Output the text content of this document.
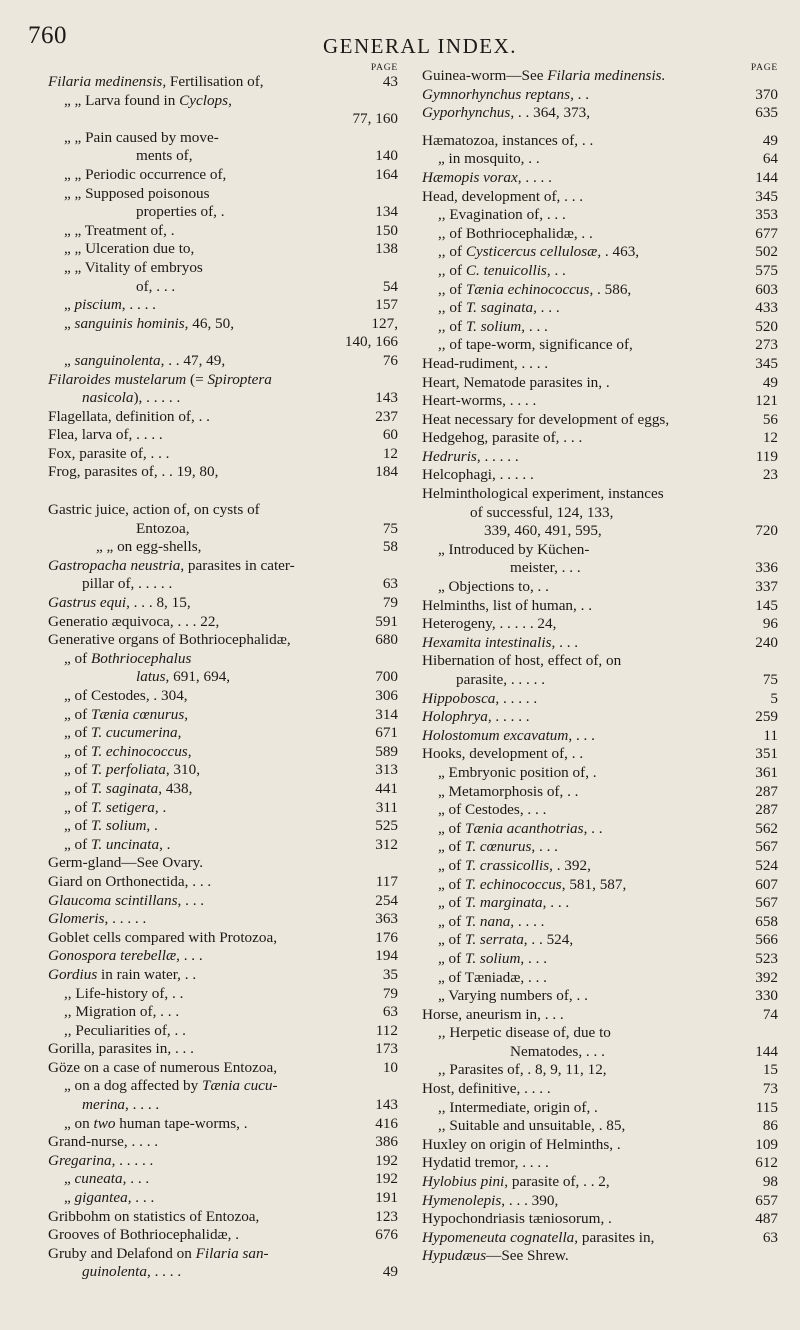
760	GENERAL INDEX.
PAGE
Filaria medinensis, Fertilisation of,	43
„ „ Larva found in Cyclops,
77, 160
„ „ Pain caused by move-
ments of,	140
„ „ Periodic occurrence of,	164
„ „ Supposed poisonous
properties of, .	134
„ „ Treatment of, .	150
„ „ Ulceration due to,	138
„ „ Vitality of embryos
of, . . .	54
„ piscium, . . . .	157
„ sanguinis hominis, 46, 50,	127,
140, 166
„ sanguinolenta, . . 47, 49,	76
Filaroides mustelarum (= Spiroptera
nasicola), . . . . .	143
Flagellata, definition of, . .	237
Flea, larva of, . . . .	60
Fox, parasite of, . . .	12
Frog, parasites of, . . 19, 80,	184
Gastric juice, action of, on cysts of
Entozoa,	75
„ „ on egg-shells,	58
Gastropacha neustria, parasites in cater-
pillar of, . . . . .	63
Gastrus equi, . . . 8, 15,	79
Generatio æquivoca, . . . 22,	591
Generative organs of Bothriocephalidæ,	680
„ of Bothriocephalus
latus, 691, 694,	700
„ of Cestodes, . 304,	306
„ of Tænia cœnurus,	314
„ of T. cucumerina,	671
„ of T. echinococcus,	589
„ of T. perfoliata, 310,	313
„ of T. saginata, 438,	441
„ of T. setigera, .	311
„ of T. solium, .	525
„ of T. uncinata, .	312
Germ-gland—See Ovary.
Giard on Orthonectida, . . .	117
Glaucoma scintillans, . . .	254
Glomeris, . . . . .	363
Goblet cells compared with Protozoa,	176
Gonospora terebellæ, . . .	194
Gordius in rain water, . .	35
,, Life-history of, . .	79
,, Migration of, . . .	63
,, Peculiarities of, . .	112
Gorilla, parasites in, . . .	173
Göze on a case of numerous Entozoa,	10
„ on a dog affected by Tænia cucu-
merina, . . . .	143
„ on two human tape-worms, .	416
Grand-nurse, . . . .	386
Gregarina, . . . . .	192
„ cuneata, . . .	192
„ gigantea, . . .	191
Gribbohm on statistics of Entozoa,	123
Grooves of Bothriocephalidæ, .	676
Gruby and Delafond on Filaria san-
guinolenta, . . . .	49
PAGE
Guinea-worm—See Filaria medinensis.
Gymnorhynchus reptans, . .	370
Gyporhynchus, . . 364, 373,	635
Hæmatozoa, instances of, . .	49
„ in mosquito, . .	64
Hæmopis vorax, . . . .	144
Head, development of, . . .	345
,, Evagination of, . . .	353
,, of Bothriocephalidæ, . .	677
,, of Cysticercus cellulosæ, . 463,	502
,, of C. tenuicollis, . .	575
,, of Tænia echinococcus, . 586,	603
,, of T. saginata, . . .	433
,, of T. solium, . . .	520
,, of tape-worm, significance of,	273
Head-rudiment, . . . .	345
Heart, Nematode parasites in, .	49
Heart-worms, . . . .	121
Heat necessary for development of eggs,	56
Hedgehog, parasite of, . . .	12
Hedruris, . . . . .	119
Helcophagi, . . . . .	23
Helminthological experiment, instances
of successful, 124, 133,
339, 460, 491, 595,	720
„ Introduced by Küchen-
meister, . . .	336
„ Objections to, . .	337
Helminths, list of human, . .	145
Heterogeny, . . . . . 24,	96
Hexamita intestinalis, . . .	240
Hibernation of host, effect of, on
parasite, . . . . .	75
Hippobosca, . . . . .	5
Holophrya, . . . . .	259
Holostomum excavatum, . . .	11
Hooks, development of, . .	351
„ Embryonic position of, .	361
„ Metamorphosis of, . .	287
„ of Cestodes, . . .	287
„ of Tænia acanthotrias, . .	562
„ of T. cœnurus, . . .	567
„ of T. crassicollis, . 392,	524
„ of T. echinococcus, 581, 587,	607
„ of T. marginata, . . .	567
„ of T. nana, . . . .	658
„ of T. serrata, . . 524,	566
„ of T. solium, . . .	523
„ of Tæniadæ, . . .	392
„ Varying numbers of, . .	330
Horse, aneurism in, . . .	74
,, Herpetic disease of, due to
Nematodes, . . .	144
,, Parasites of, . 8, 9, 11, 12,	15
Host, definitive, . . . .	73
,, Intermediate, origin of, .	115
,, Suitable and unsuitable, . 85,	86
Huxley on origin of Helminths, .	109
Hydatid tremor, . . . .	612
Hylobius pini, parasite of, . . 2,	98
Hymenolepis, . . . 390,	657
Hypochondriasis tæniosorum, .	487
Hypomeneuta cognatella, parasites in,	63
Hypudæus—See Shrew.
